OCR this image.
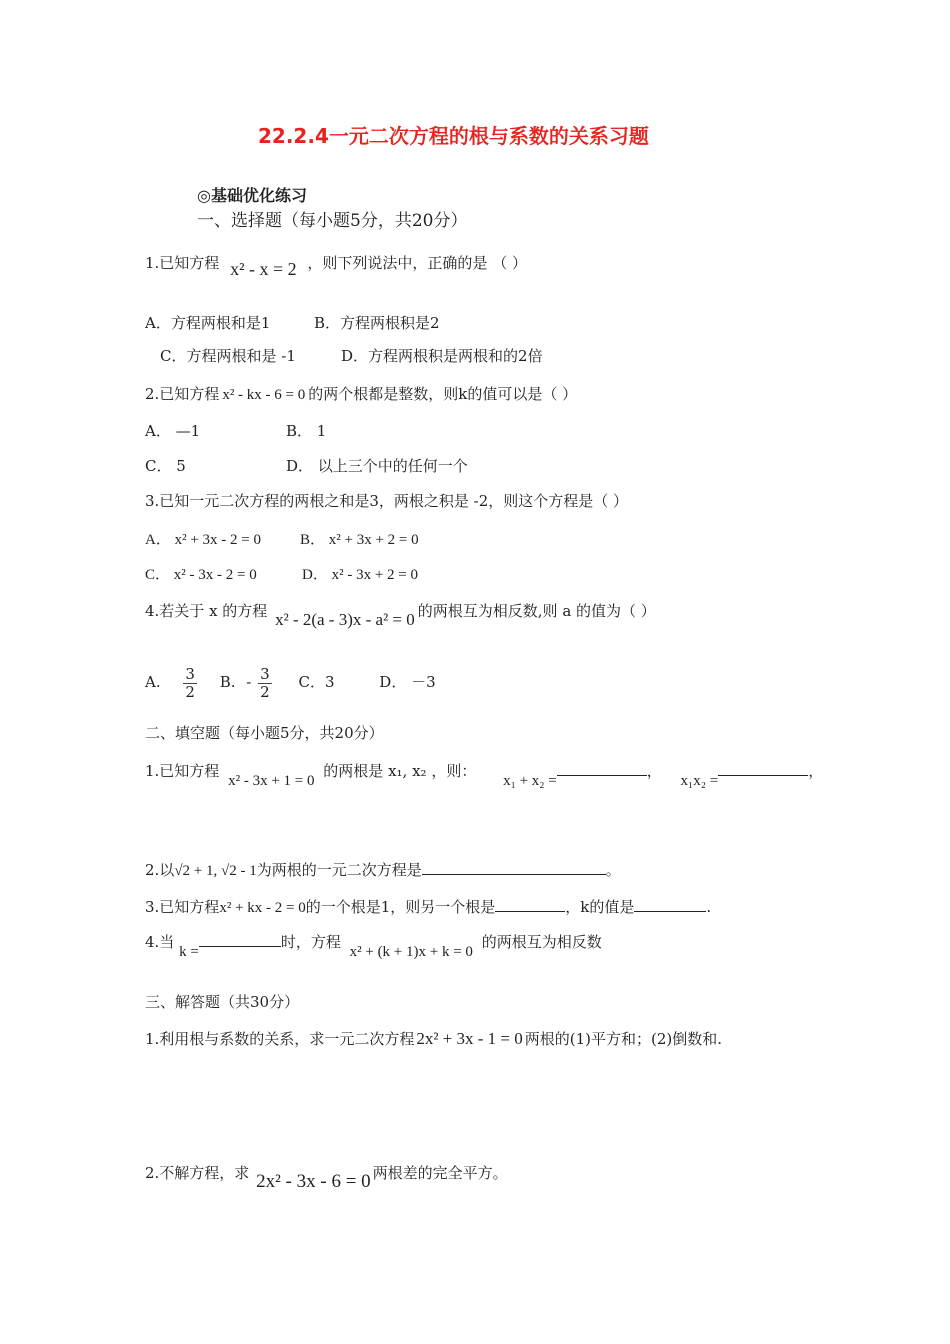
22.2.4一元二次方程的根与系数的关系习题
◎基础优化练习
一、选择题（每小题5分，共20分）
1.已知方程 x² - x = 2 ，则下列说法中，正确的是 （ ）
A．方程两根和是1	B．方程两根积是2
C．方程两根和是 -1	D．方程两根积是两根和的2倍
2.已知方程 x² - kx - 6 = 0 的两个根都是整数，则k的值可以是（ ）
A． —1	B． 1
C． 5	D． 以上三个中的任何一个
3.已知一元二次方程的两根之和是3，两根之积是 -2，则这个方程是（ ）
A． x² + 3x - 2 = 0	B． x² + 3x + 2 = 0
C． x² - 3x - 2 = 0	D． x² - 3x + 2 = 0
4.若关于 x 的方程 x² - 2(a - 3)x - a² = 0 的两根互为相反数,则 a 的值为（ ）
A. $\frac{3}{2} B$. - $\frac{3}{2}$ C．3	D． －3
二、填空题（每小题5分，共20分）
1.已知方程 x² - 3x + 1 = 0 的两根是 x₁, x₂ ，则： x₁ + x₂ =， x₁x₂ =，
2.以√2 + 1, √2 - 1为两根的一元二次方程是	。
3.已知方程x² + kx - 2 = 0的一个根是1，则另一个根是	，k的值是	.
4.当 k =时，方程 x² + (k + 1)x + k = 0 的两根互为相反数
三、解答题（共30分）
1.利用根与系数的关系，求一元二次方程 2x² + 3x - 1 = 0 两根的(1)平方和；(2)倒数和.
2.不解方程，求 2x² - 3x - 6 = 0 两根差的完全平方。
